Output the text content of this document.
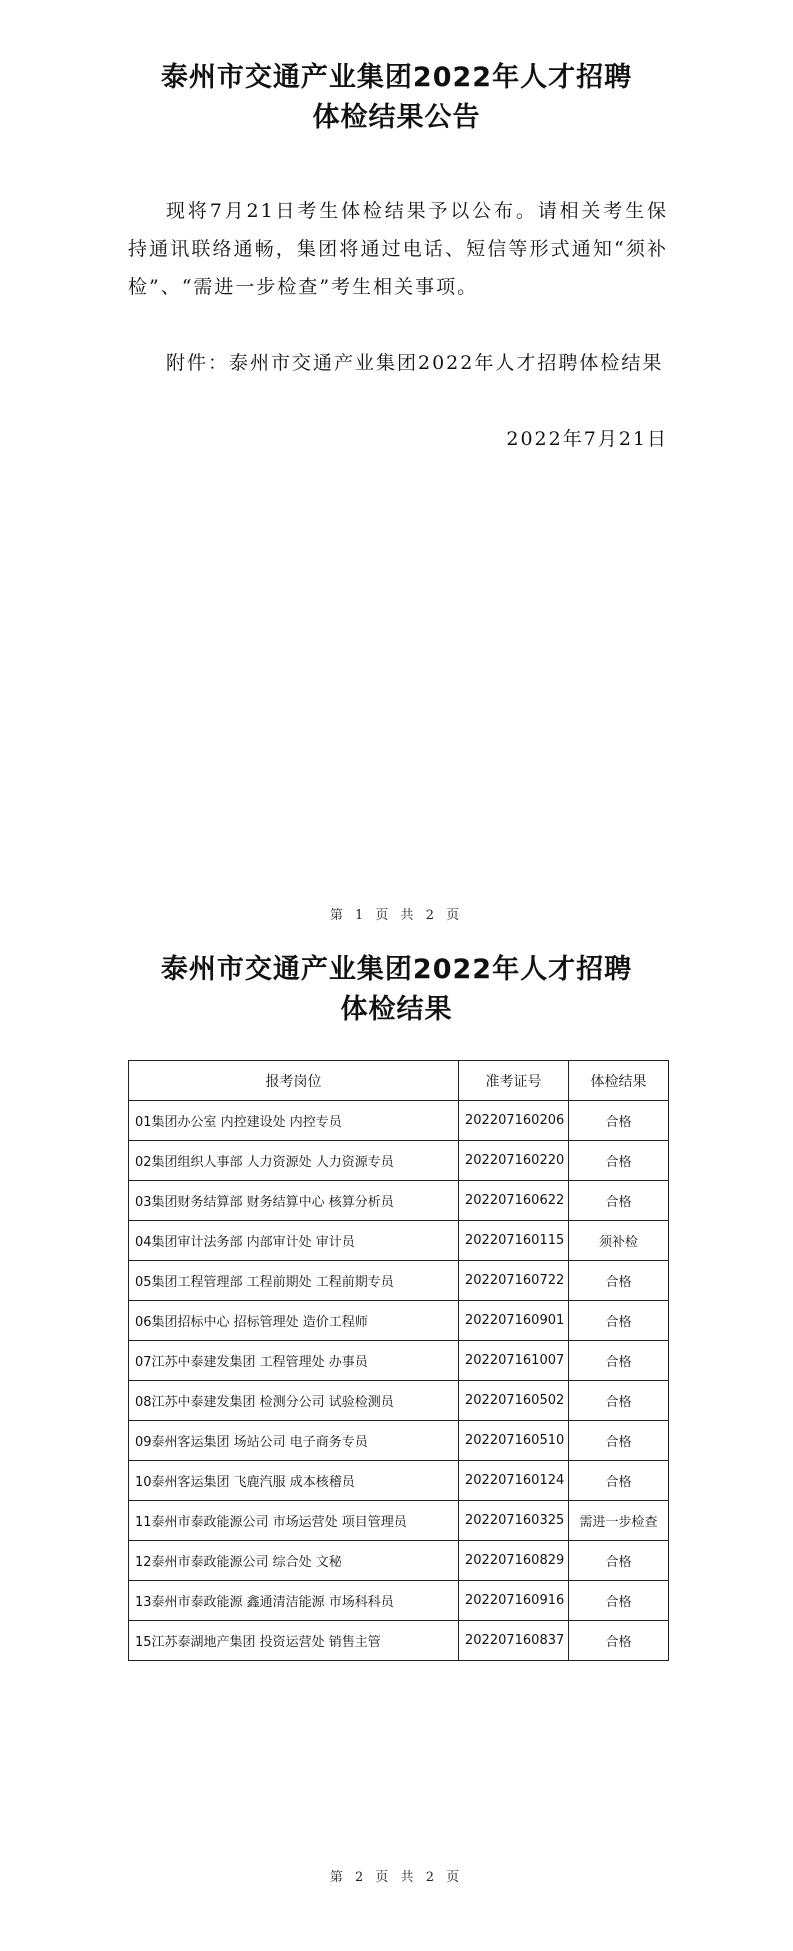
泰州市交通产业集团2022年人才招聘
体检结果公告
现将7月21日考生体检结果予以公布。请相关考生保持通讯联络通畅，集团将通过电话、短信等形式通知“须补检”、“需进一步检查”考生相关事项。
附件：泰州市交通产业集团2022年人才招聘体检结果
2022年7月21日
第 1 页 共 2 页
泰州市交通产业集团2022年人才招聘
体检结果
报考岗位	准考证号	体检结果
01集团办公室 内控建设处 内控专员	202207160206	合格
02集团组织人事部 人力资源处 人力资源专员	202207160220	合格
03集团财务结算部 财务结算中心 核算分析员	202207160622	合格
04集团审计法务部 内部审计处 审计员	202207160115	须补检
05集团工程管理部 工程前期处 工程前期专员	202207160722	合格
06集团招标中心 招标管理处 造价工程师	202207160901	合格
07江苏中泰建发集团 工程管理处 办事员	202207161007	合格
08江苏中泰建发集团 检测分公司 试验检测员	202207160502	合格
09泰州客运集团 场站公司 电子商务专员	202207160510	合格
10泰州客运集团 飞鹿汽服 成本核稽员	202207160124	合格
11泰州市泰政能源公司 市场运营处 项目管理员	202207160325	需进一步检查
12泰州市泰政能源公司 综合处 文秘	202207160829	合格
13泰州市泰政能源 鑫通清洁能源 市场科科员	202207160916	合格
15江苏泰湖地产集团 投资运营处 销售主管	202207160837	合格
第 2 页 共 2 页
